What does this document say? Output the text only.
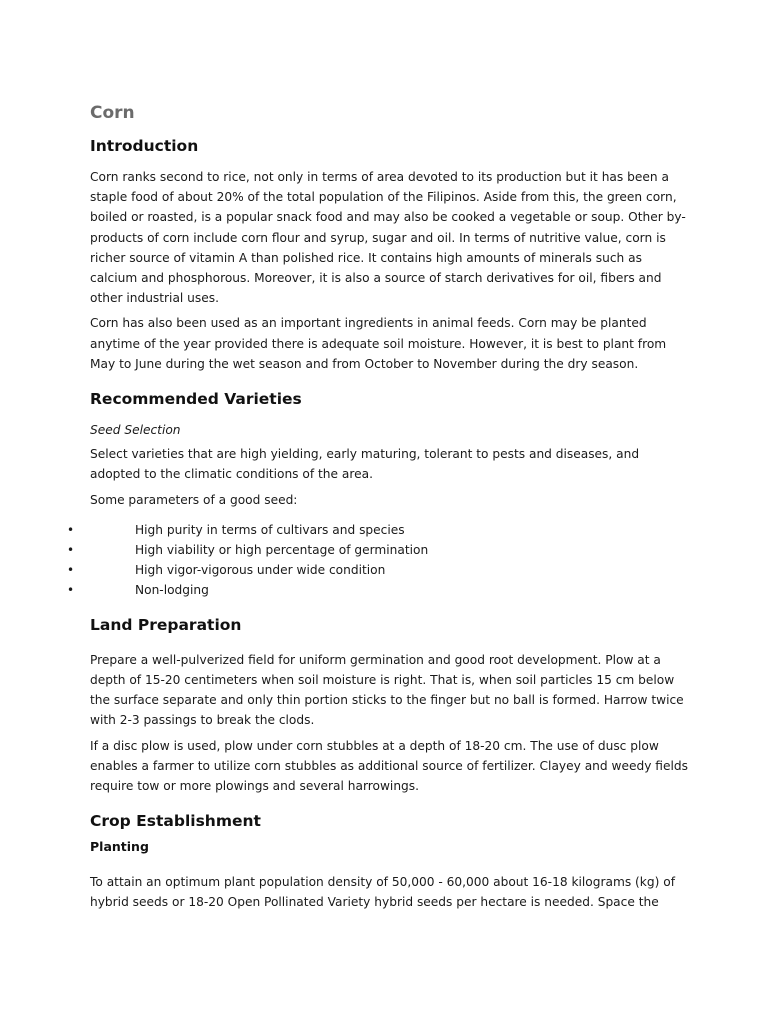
Corn
Introduction

Corn ranks second to rice, not only in terms of area devoted to its production but it has been a staple food of about 20% of the total population of the Filipinos. Aside from this, the green corn, boiled or roasted, is a popular snack food and may also be cooked a vegetable or soup. Other by-products of corn include corn flour and syrup, sugar and oil. In terms of nutritive value, corn is richer source of vitamin A than polished rice. It contains high amounts of minerals such as calcium and phosphorous. Moreover, it is also a source of starch derivatives for oil, fibers and other industrial uses.

Corn has also been used as an important ingredients in animal feeds. Corn may be planted anytime of the year provided there is adequate soil moisture. However, it is best to plant from May to June during the wet season and from October to November during the dry season.

Recommended Varieties

Seed Selection

Select varieties that are high yielding, early maturing, tolerant to pests and diseases, and adopted to the climatic conditions of the area.

Some parameters of a good seed:

•	High purity in terms of cultivars and species
•	High viability or high percentage of germination
•	High vigor-vigorous under wide condition
•	Non-lodging
Land Preparation

Prepare a well-pulverized field for uniform germination and good root development. Plow at a depth of 15-20 centimeters when soil moisture is right. That is, when soil particles 15 cm below the surface separate and only thin portion sticks to the finger but no ball is formed. Harrow twice with 2-3 passings to break the clods.

If a disc plow is used, plow under corn stubbles at a depth of 18-20 cm. The use of dusc plow enables a farmer to utilize corn stubbles as additional source of fertilizer. Clayey and weedy fields require tow or more plowings and several harrowings.

Crop Establishment
Planting

To attain an optimum plant population density of 50,000 - 60,000 about 16-18 kilograms (kg) of hybrid seeds or 18-20 Open Pollinated Variety hybrid seeds per hectare is needed. Space the
